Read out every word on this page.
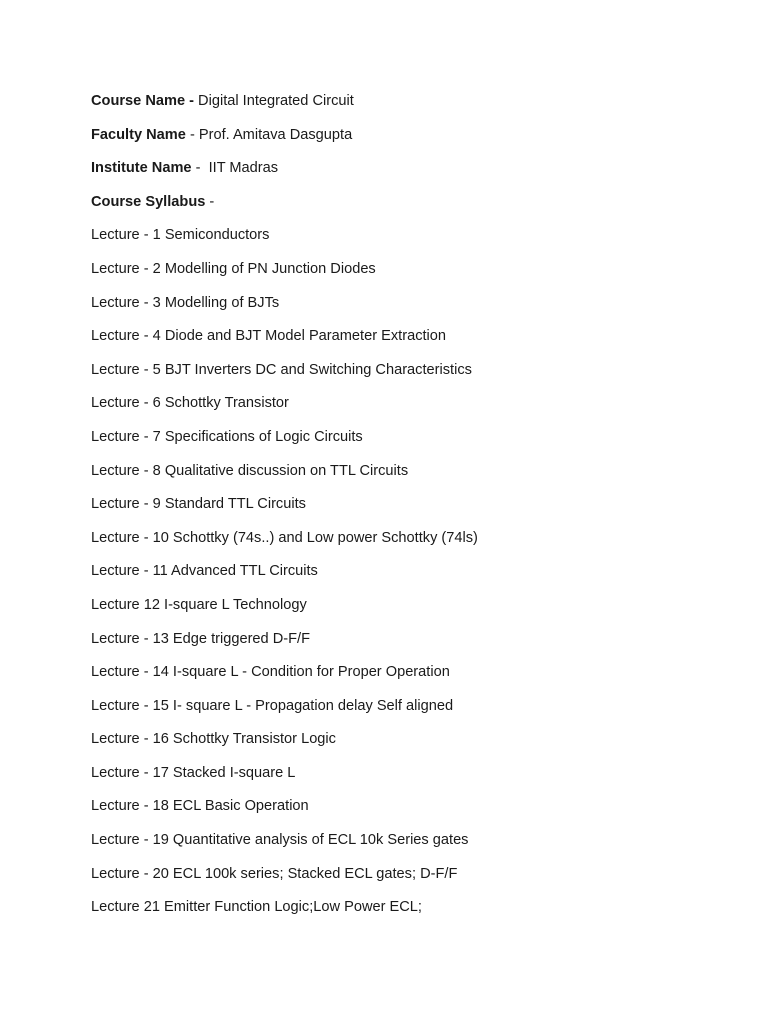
Course Name - Digital Integrated Circuit
Faculty Name - Prof. Amitava Dasgupta
Institute Name -  IIT Madras
Course Syllabus -
Lecture - 1 Semiconductors
Lecture - 2 Modelling of PN Junction Diodes
Lecture - 3 Modelling of BJTs
Lecture - 4 Diode and BJT Model Parameter Extraction
Lecture - 5 BJT Inverters DC and Switching Characteristics
Lecture - 6 Schottky Transistor
Lecture - 7 Specifications of Logic Circuits
Lecture - 8 Qualitative discussion on TTL Circuits
Lecture - 9 Standard TTL Circuits
Lecture - 10 Schottky (74s..) and Low power Schottky (74ls)
Lecture - 11 Advanced TTL Circuits
Lecture 12 I-square L Technology
Lecture - 13 Edge triggered D-F/F
Lecture - 14 I-square L - Condition for Proper Operation
Lecture - 15 I- square L - Propagation delay Self aligned
Lecture - 16 Schottky Transistor Logic
Lecture - 17 Stacked I-square L
Lecture - 18 ECL Basic Operation
Lecture - 19 Quantitative analysis of ECL 10k Series gates
Lecture - 20 ECL 100k series; Stacked ECL gates; D-F/F
Lecture 21 Emitter Function Logic;Low Power ECL;
